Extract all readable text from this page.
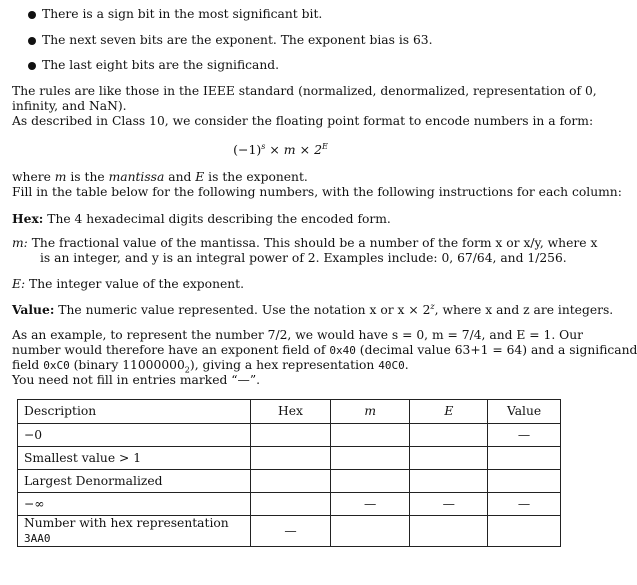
There is a sign bit in the most significant bit.
The next seven bits are the exponent. The exponent bias is 63.
The last eight bits are the significand.
The rules are like those in the IEEE standard (normalized, denormalized, representation of 0,
infinity, and NaN).
As described in Class 10, we consider the floating point format to encode numbers in a form:
$(-1)^s \times m \times 2^E$
where m is the mantissa and E is the exponent.
Fill in the table below for the following numbers, with the following instructions for each column:
Hex: The 4 hexadecimal digits describing the encoded form.
m: The fractional value of the mantissa. This should be a number of the form x or x/y, where x
is an integer, and y is an integral power of 2. Examples include: 0, 67/64, and 1/256.
E: The integer value of the exponent.
Value: The numeric value represented. Use the notation x or $x \times 2^z$, where x and z are integers.
As an example, to represent the number 7/2, we would have s = 0, m = 7/4, and E = 1. Our
number would therefore have an exponent field of 0x40 (decimal value 63+1 = 64) and a significand
field 0xC0 (binary $11000000_2$), giving a hex representation 40C0.
You need not fill in entries marked “—”.
Description	Hex	m	E	Value
−0				—
Smallest value > 1				
Largest Denormalized				
−∞		—	—	—
Number with hex representation 3AA0	—			
